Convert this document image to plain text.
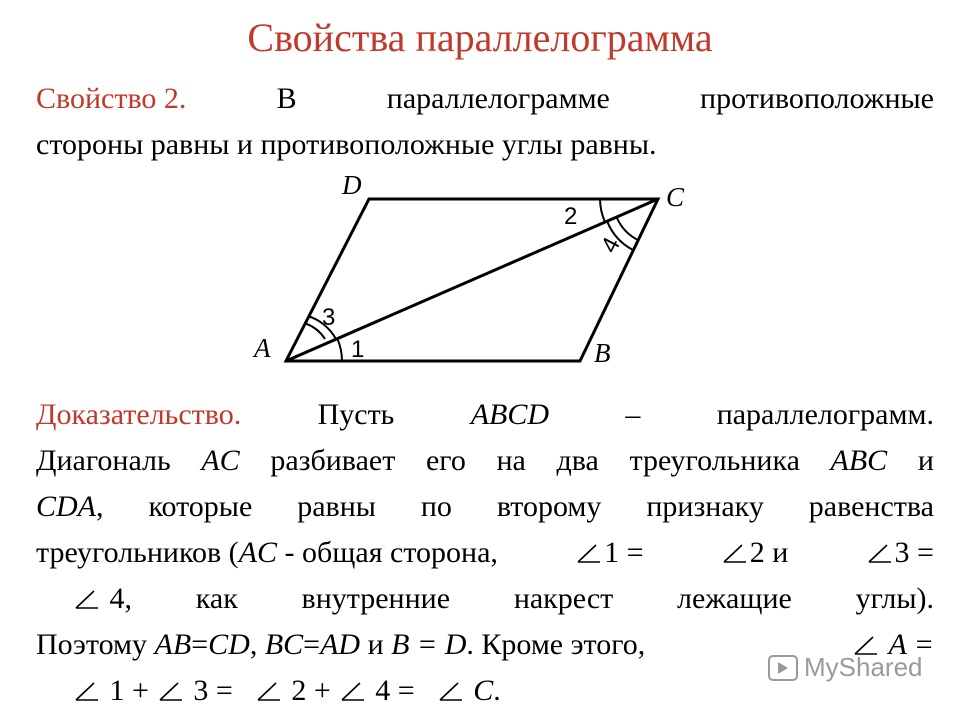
Свойства параллелограмма
Свойство 2.	В	параллелограмме	противоположные
стороны равны и противоположные углы равны.
A	B
C
D
1
2
3
4
Доказательство.	Пусть	ABCD	–	параллелограмм.
Диагональ AC разбивает его на два треугольника ABC и
CDA, которые равны по второму признаку равенства
треугольников (AC - общая сторона,	1 =	2 и	3 =
4, как внутренние накрест лежащие углы).
Поэтому AB=CD, BC=AD и B = D. Кроме этого,	A =
1 +	3 =	2 +	4 =	C.
MyShared
